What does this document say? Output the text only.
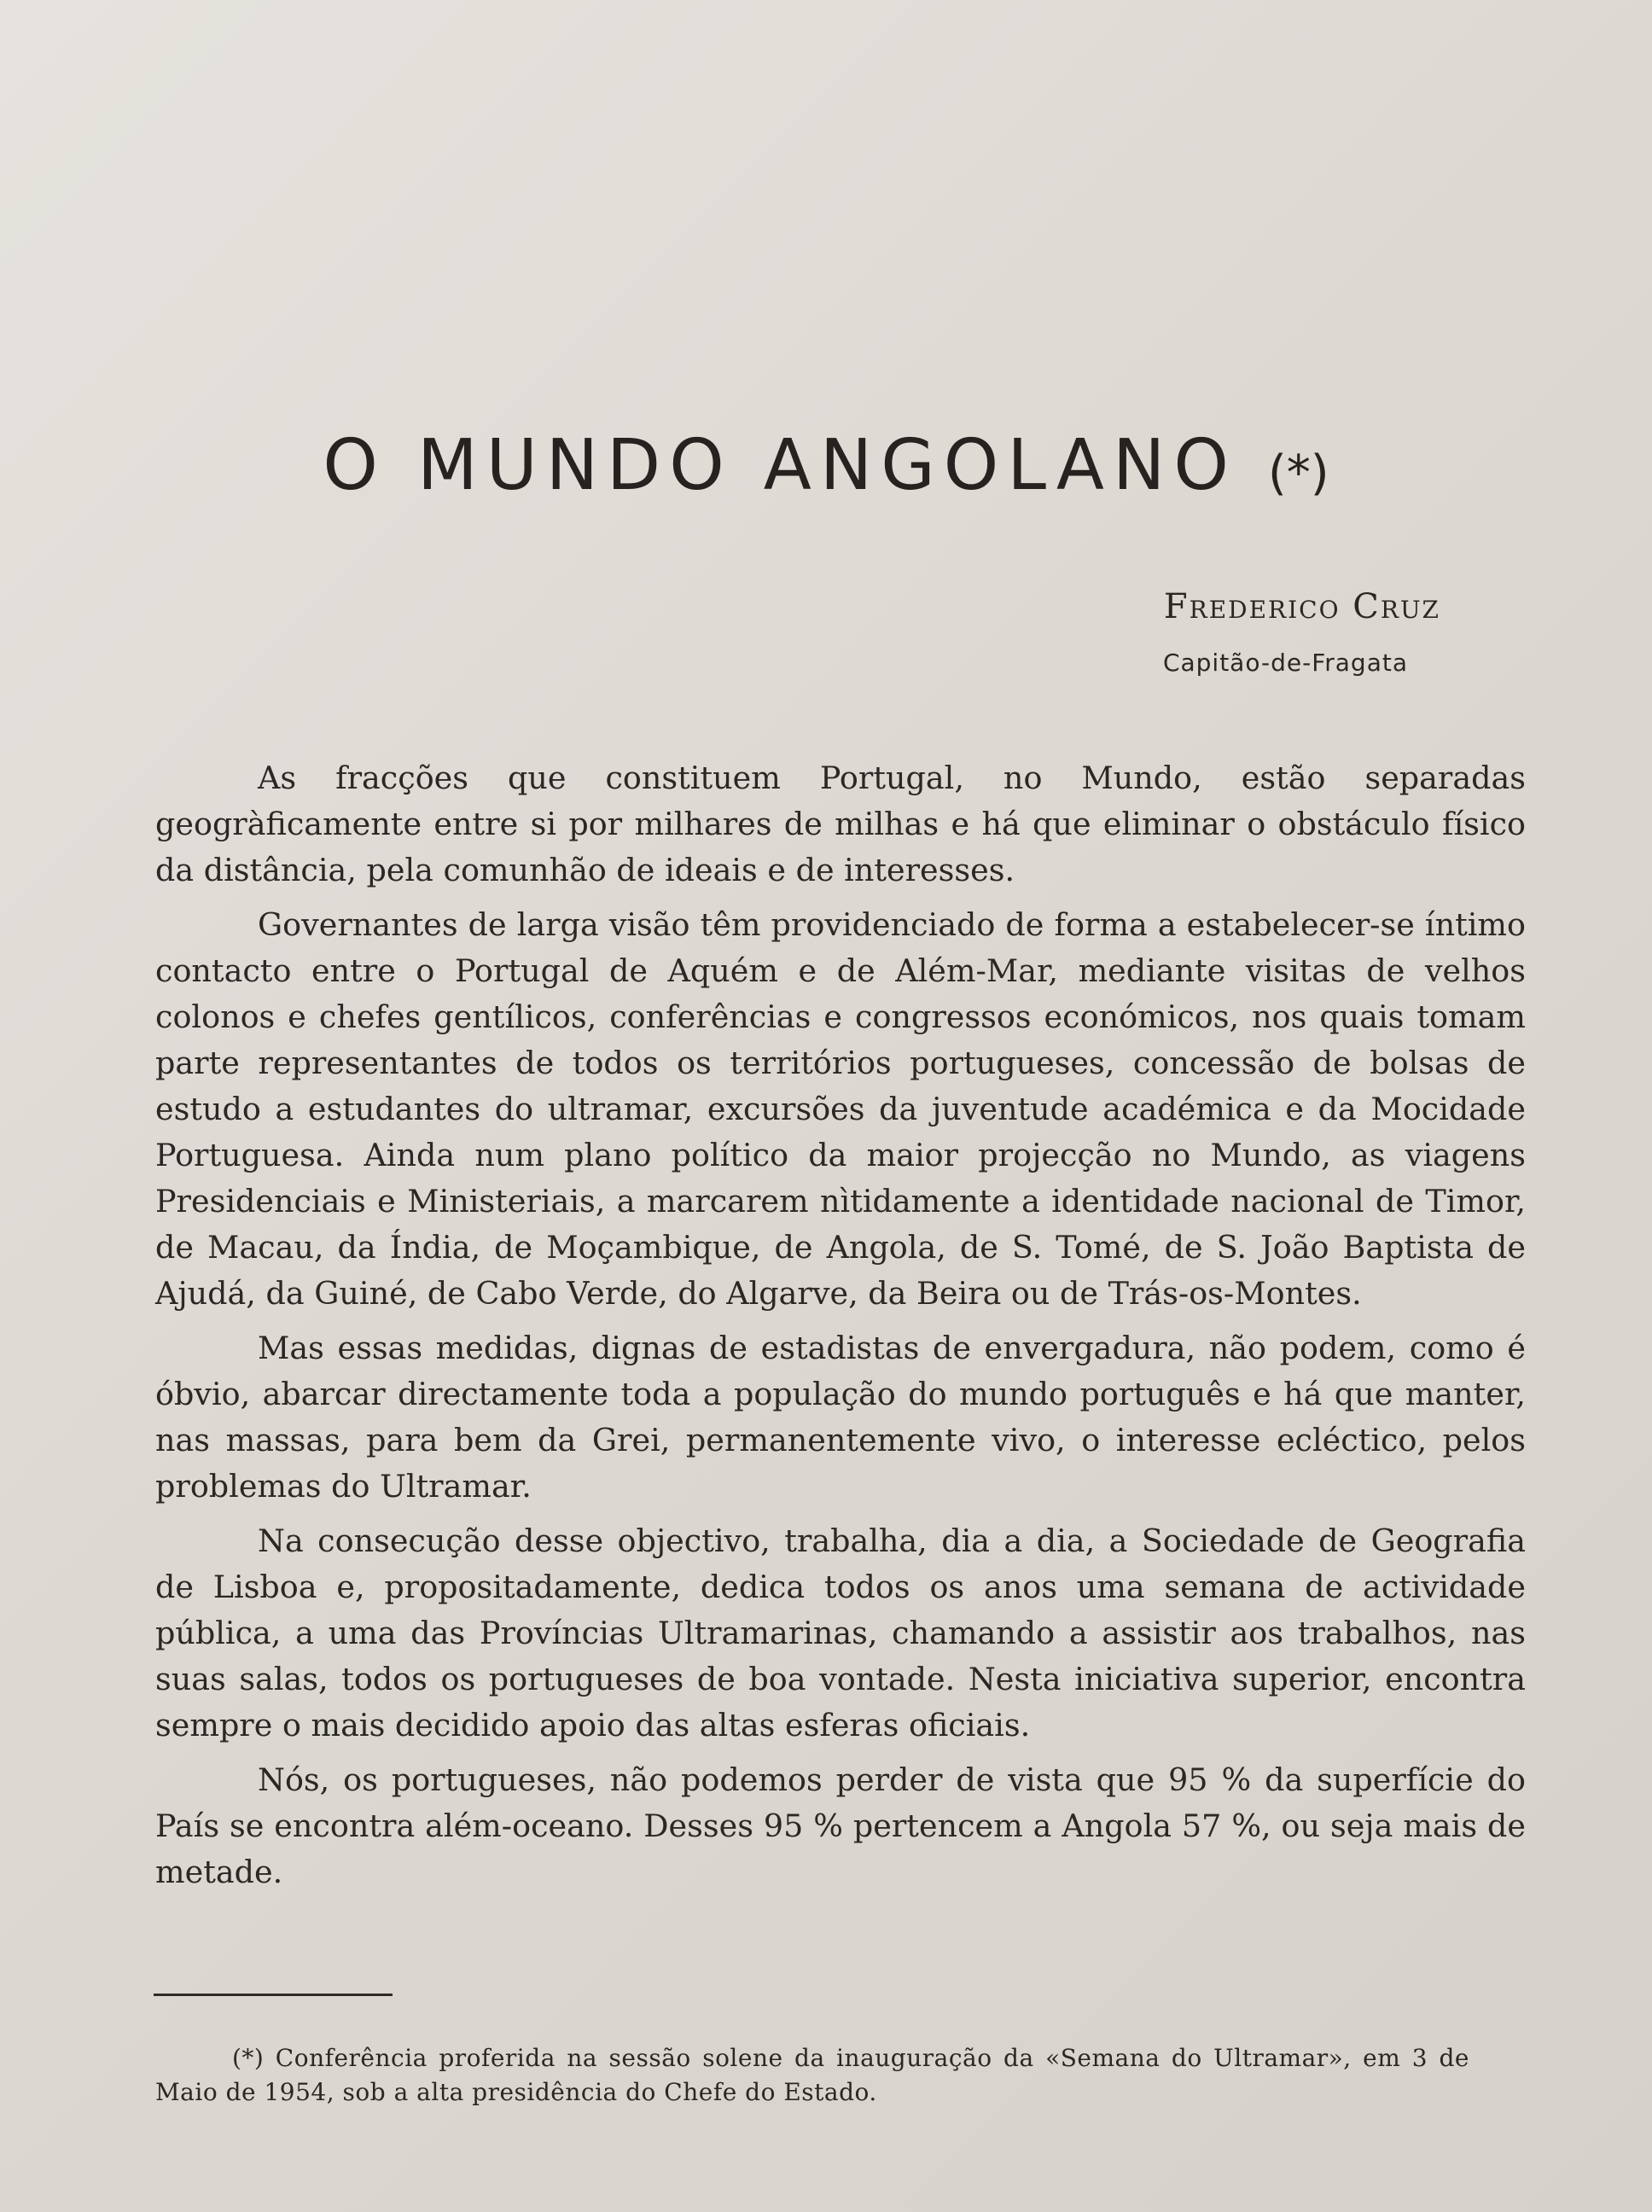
O MUNDO ANGOLANO (*)

Frederico Cruz

Capitão-de-Fragata

As fracções que constituem Portugal, no Mundo, estão separadas geogràficamente entre si por milhares de milhas e há que eliminar o obstáculo físico da distância, pela comunhão de ideais e de interesses.

Governantes de larga visão têm providenciado de forma a estabelecer-se íntimo contacto entre o Portugal de Aquém e de Além-Mar, mediante visitas de velhos colonos e chefes gentílicos, conferências e congressos económicos, nos quais tomam parte representantes de todos os territórios portugueses, concessão de bolsas de estudo a estudantes do ultramar, excursões da juventude académica e da Mocidade Portuguesa. Ainda num plano político da maior projecção no Mundo, as viagens Presidenciais e Ministeriais, a marcarem nìtidamente a identidade nacional de Timor, de Macau, da Índia, de Moçambique, de Angola, de S. Tomé, de S. João Baptista de Ajudá, da Guiné, de Cabo Verde, do Algarve, da Beira ou de Trás-os-Montes.

Mas essas medidas, dignas de estadistas de envergadura, não podem, como é óbvio, abarcar directamente toda a população do mundo português e há que manter, nas massas, para bem da Grei, permanentemente vivo, o interesse ecléctico, pelos problemas do Ultramar.

Na consecução desse objectivo, trabalha, dia a dia, a Sociedade de Geografia de Lisboa e, propositadamente, dedica todos os anos uma semana de actividade pública, a uma das Províncias Ultramarinas, chamando a assistir aos trabalhos, nas suas salas, todos os portugueses de boa vontade. Nesta iniciativa superior, encontra sempre o mais decidido apoio das altas esferas oficiais.

Nós, os portugueses, não podemos perder de vista que 95 % da superfície do País se encontra além-oceano. Desses 95 % pertencem a Angola 57 %, ou seja mais de metade.

(*) Conferência proferida na sessão solene da inauguração da «Semana do Ultramar», em 3 de Maio de 1954, sob a alta presidência do Chefe do Estado.
